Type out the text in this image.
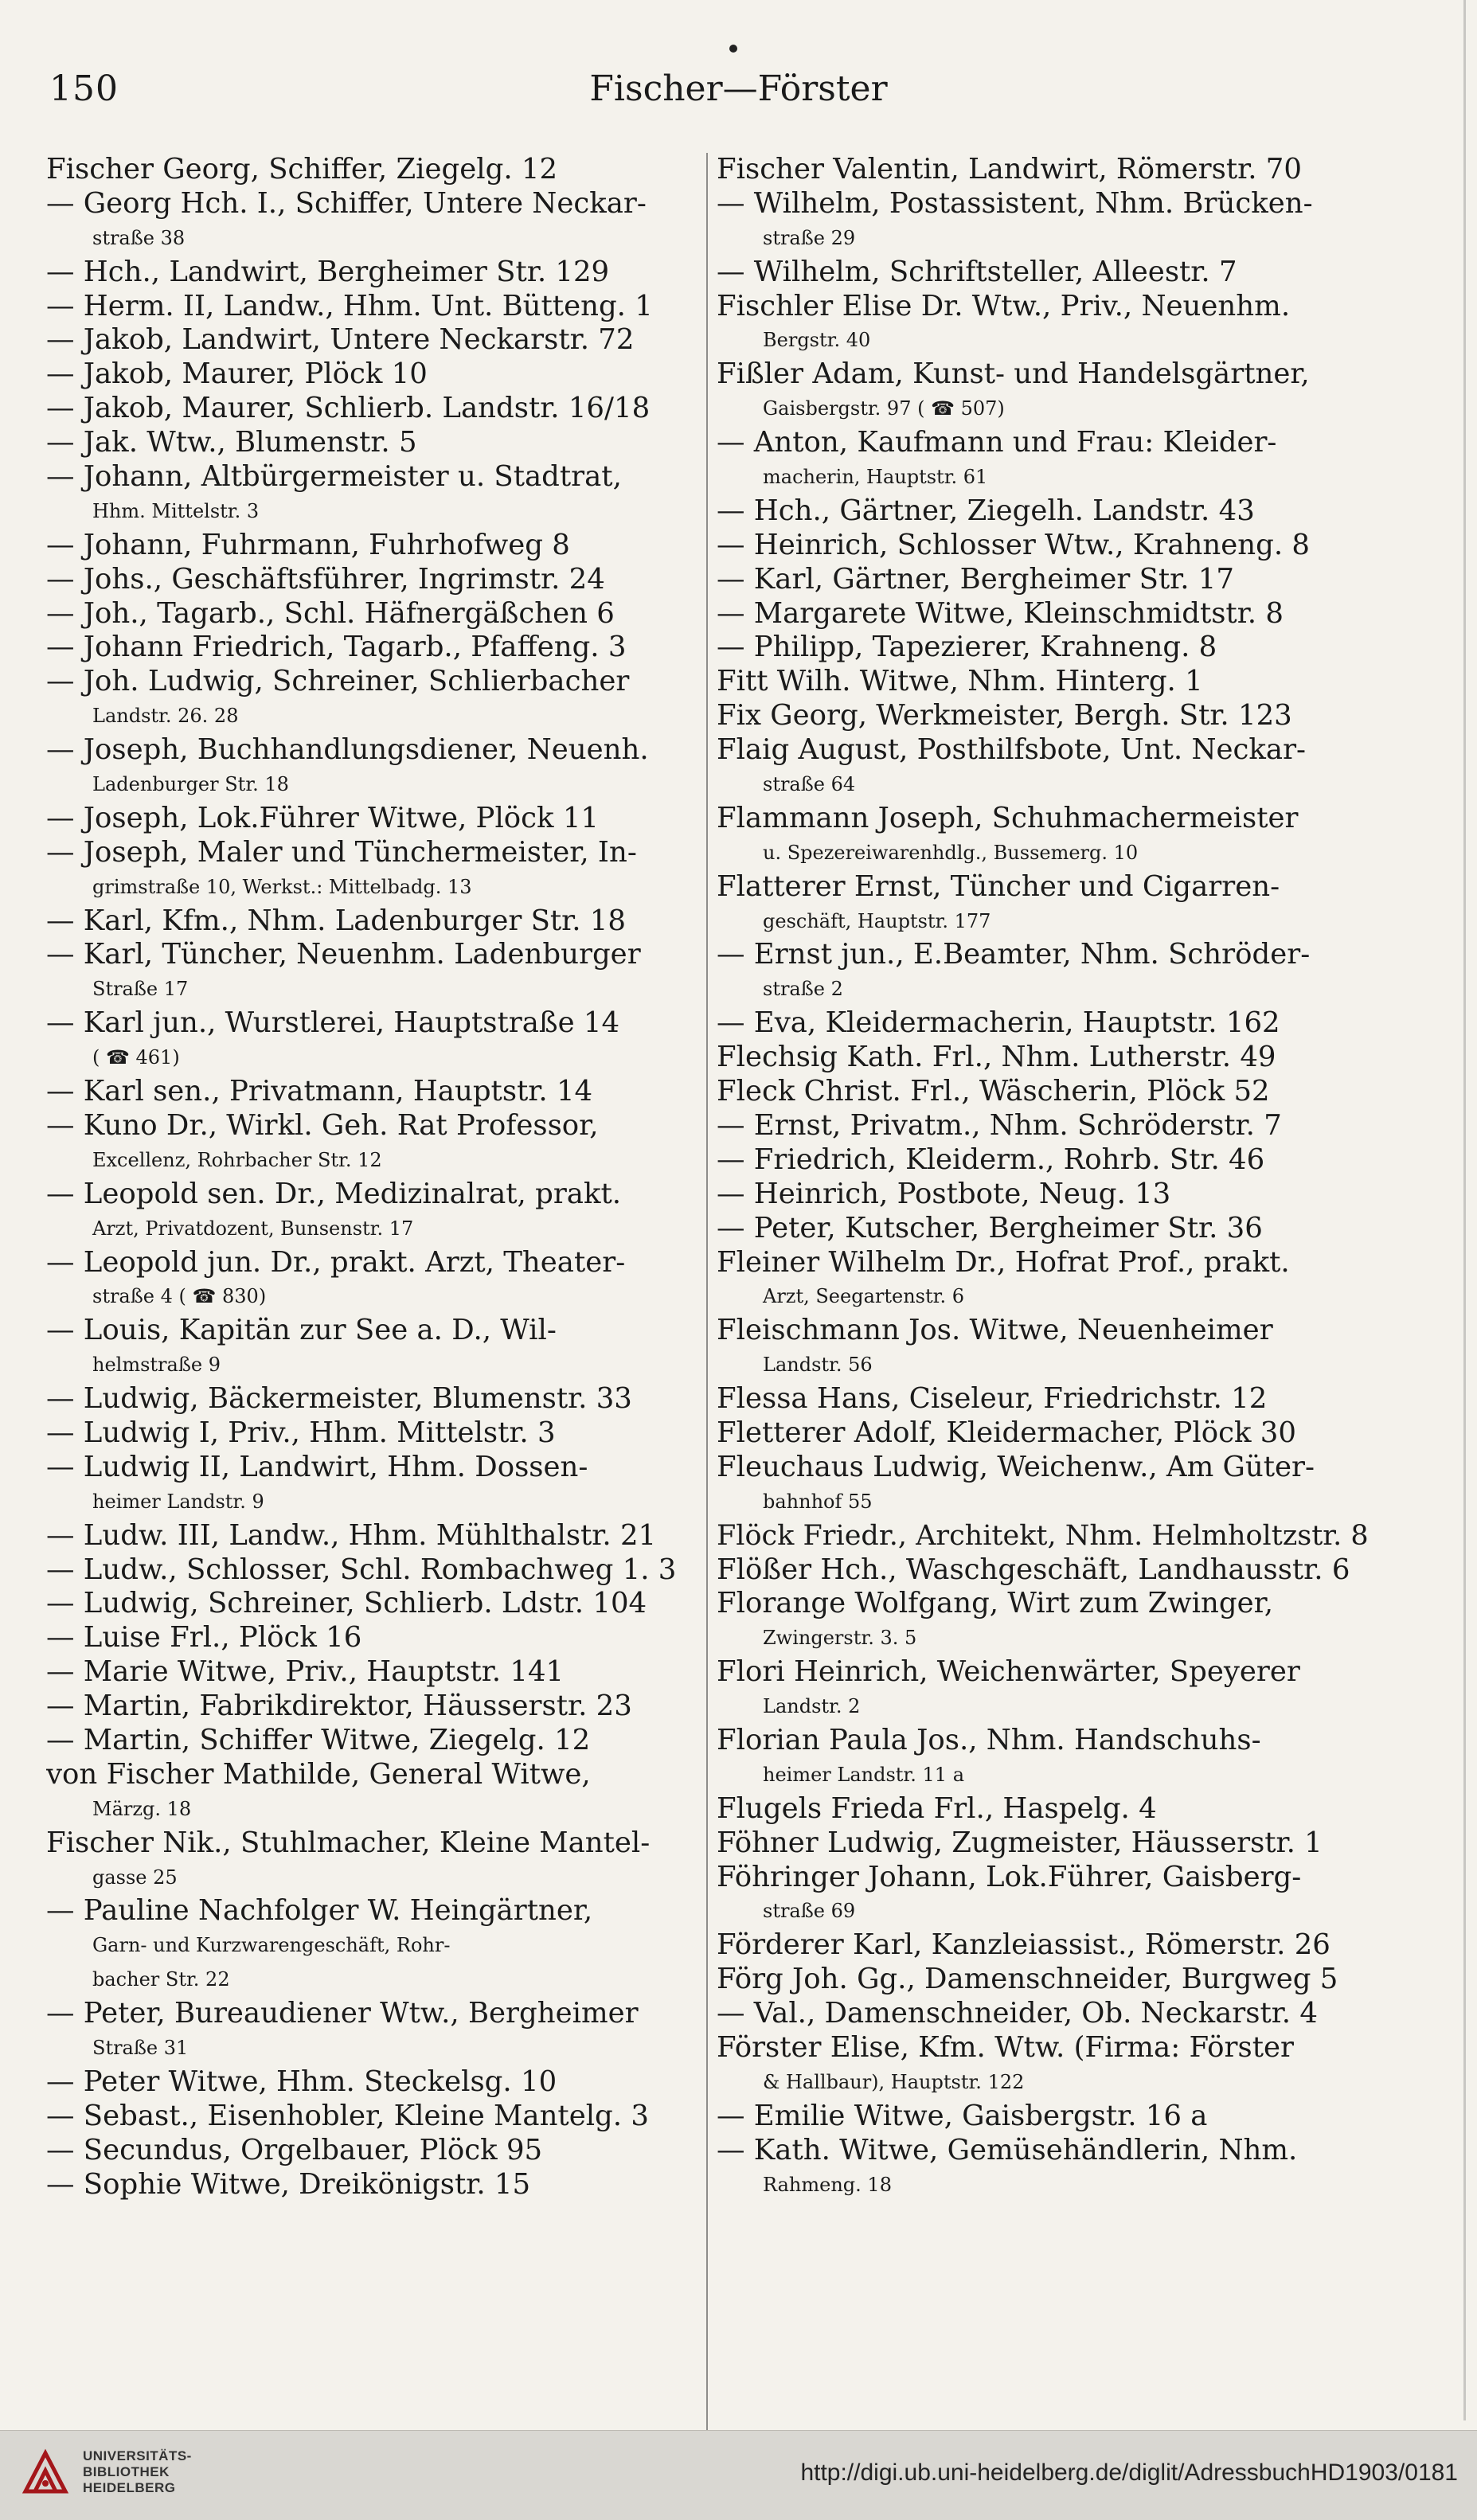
150	Fischer—Förster
Fischer Georg, Schiffer, Ziegelg. 12
— Georg Hch. I., Schiffer, Untere Neckar-
straße 38
— Hch., Landwirt, Bergheimer Str. 129
— Herm. II, Landw., Hhm. Unt. Bütteng. 1
— Jakob, Landwirt, Untere Neckarstr. 72
— Jakob, Maurer, Plöck 10
— Jakob, Maurer, Schlierb. Landstr. 16/18
— Jak. Wtw., Blumenstr. 5
— Johann, Altbürgermeister u. Stadtrat,
Hhm. Mittelstr. 3
— Johann, Fuhrmann, Fuhrhofweg 8
— Johs., Geschäftsführer, Ingrimstr. 24
— Joh., Tagarb., Schl. Häfnergäßchen 6
— Johann Friedrich, Tagarb., Pfaffeng. 3
— Joh. Ludwig, Schreiner, Schlierbacher
Landstr. 26. 28
— Joseph, Buchhandlungsdiener, Neuenh.
Ladenburger Str. 18
— Joseph, Lok.Führer Witwe, Plöck 11
— Joseph, Maler und Tünchermeister, In-
grimstraße 10, Werkst.: Mittelbadg. 13
— Karl, Kfm., Nhm. Ladenburger Str. 18
— Karl, Tüncher, Neuenhm. Ladenburger
Straße 17
— Karl jun., Wurstlerei, Hauptstraße 14
( ☎ 461)
— Karl sen., Privatmann, Hauptstr. 14
— Kuno Dr., Wirkl. Geh. Rat Professor,
Excellenz, Rohrbacher Str. 12
— Leopold sen. Dr., Medizinalrat, prakt.
Arzt, Privatdozent, Bunsenstr. 17
— Leopold jun. Dr., prakt. Arzt, Theater-
straße 4 ( ☎ 830)
— Louis, Kapitän zur See a. D., Wil-
helmstraße 9
— Ludwig, Bäckermeister, Blumenstr. 33
— Ludwig I, Priv., Hhm. Mittelstr. 3
— Ludwig II, Landwirt, Hhm. Dossen-
heimer Landstr. 9
— Ludw. III, Landw., Hhm. Mühlthalstr. 21
— Ludw., Schlosser, Schl. Rombachweg 1. 3
— Ludwig, Schreiner, Schlierb. Ldstr. 104
— Luise Frl., Plöck 16
— Marie Witwe, Priv., Hauptstr. 141
— Martin, Fabrikdirektor, Häusserstr. 23
— Martin, Schiffer Witwe, Ziegelg. 12
von Fischer Mathilde, General Witwe,
Märzg. 18
Fischer Nik., Stuhlmacher, Kleine Mantel-
gasse 25
— Pauline Nachfolger W. Heingärtner,
Garn- und Kurzwarengeschäft, Rohr-
bacher Str. 22
— Peter, Bureaudiener Wtw., Bergheimer
Straße 31
— Peter Witwe, Hhm. Steckelsg. 10
— Sebast., Eisenhobler, Kleine Mantelg. 3
— Secundus, Orgelbauer, Plöck 95
— Sophie Witwe, Dreikönigstr. 15
Fischer Valentin, Landwirt, Römerstr. 70
— Wilhelm, Postassistent, Nhm. Brücken-
straße 29
— Wilhelm, Schriftsteller, Alleestr. 7
Fischler Elise Dr. Wtw., Priv., Neuenhm.
Bergstr. 40
Fißler Adam, Kunst- und Handelsgärtner,
Gaisbergstr. 97 ( ☎ 507)
— Anton, Kaufmann und Frau: Kleider-
macherin, Hauptstr. 61
— Hch., Gärtner, Ziegelh. Landstr. 43
— Heinrich, Schlosser Wtw., Krahneng. 8
— Karl, Gärtner, Bergheimer Str. 17
— Margarete Witwe, Kleinschmidtstr. 8
— Philipp, Tapezierer, Krahneng. 8
Fitt Wilh. Witwe, Nhm. Hinterg. 1
Fix Georg, Werkmeister, Bergh. Str. 123
Flaig August, Posthilfsbote, Unt. Neckar-
straße 64
Flammann Joseph, Schuhmachermeister
u. Spezereiwarenhdlg., Bussemerg. 10
Flatterer Ernst, Tüncher und Cigarren-
geschäft, Hauptstr. 177
— Ernst jun., E.Beamter, Nhm. Schröder-
straße 2
— Eva, Kleidermacherin, Hauptstr. 162
Flechsig Kath. Frl., Nhm. Lutherstr. 49
Fleck Christ. Frl., Wäscherin, Plöck 52
— Ernst, Privatm., Nhm. Schröderstr. 7
— Friedrich, Kleiderm., Rohrb. Str. 46
— Heinrich, Postbote, Neug. 13
— Peter, Kutscher, Bergheimer Str. 36
Fleiner Wilhelm Dr., Hofrat Prof., prakt.
Arzt, Seegartenstr. 6
Fleischmann Jos. Witwe, Neuenheimer
Landstr. 56
Flessa Hans, Ciseleur, Friedrichstr. 12
Fletterer Adolf, Kleidermacher, Plöck 30
Fleuchaus Ludwig, Weichenw., Am Güter-
bahnhof 55
Flöck Friedr., Architekt, Nhm. Helmholtzstr. 8
Flößer Hch., Waschgeschäft, Landhausstr. 6
Florange Wolfgang, Wirt zum Zwinger,
Zwingerstr. 3. 5
Flori Heinrich, Weichenwärter, Speyerer
Landstr. 2
Florian Paula Jos., Nhm. Handschuhs-
heimer Landstr. 11 a
Flugels Frieda Frl., Haspelg. 4
Föhner Ludwig, Zugmeister, Häusserstr. 1
Föhringer Johann, Lok.Führer, Gaisberg-
straße 69
Förderer Karl, Kanzleiassist., Römerstr. 26
Förg Joh. Gg., Damenschneider, Burgweg 5
— Val., Damenschneider, Ob. Neckarstr. 4
Förster Elise, Kfm. Wtw. (Firma: Förster
& Hallbaur), Hauptstr. 122
— Emilie Witwe, Gaisbergstr. 16 a
— Kath. Witwe, Gemüsehändlerin, Nhm.
Rahmeng. 18
UNIVERSITÄTS-
BIBLIOTHEK
HEIDELBERG
http://digi.ub.uni-heidelberg.de/diglit/AdressbuchHD1903/0181
